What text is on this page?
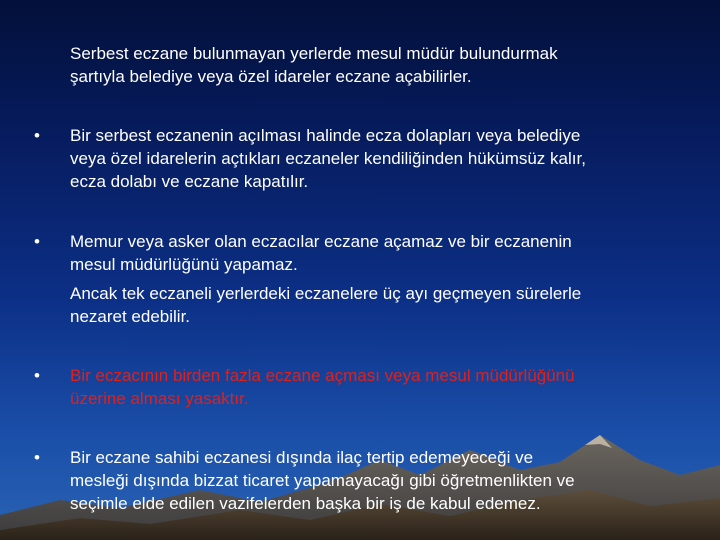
Serbest eczane bulunmayan yerlerde mesul müdür bulundurmak
şartıyla belediye veya özel idareler eczane açabilirler.

•	Bir serbest eczanenin açılması halinde ecza dolapları veya belediye
veya özel idarelerin açtıkları eczaneler kendiliğinden hükümsüz kalır,
ecza dolabı ve eczane kapatılır.

•	Memur veya asker olan eczacılar eczane açamaz ve bir eczanenin
mesul müdürlüğünü yapamaz.
Ancak tek eczaneli yerlerdeki eczanelere üç ayı geçmeyen sürelerle
nezaret edebilir.

•	Bir eczacının birden fazla eczane açması veya mesul müdürlüğünü
üzerine alması yasaktır.

•	Bir eczane sahibi eczanesi dışında ilaç tertip edemeyeceği ve
mesleği dışında bizzat ticaret yapamayacağı gibi öğretmenlikten ve
seçimle elde edilen vazifelerden başka bir iş de kabul edemez.
